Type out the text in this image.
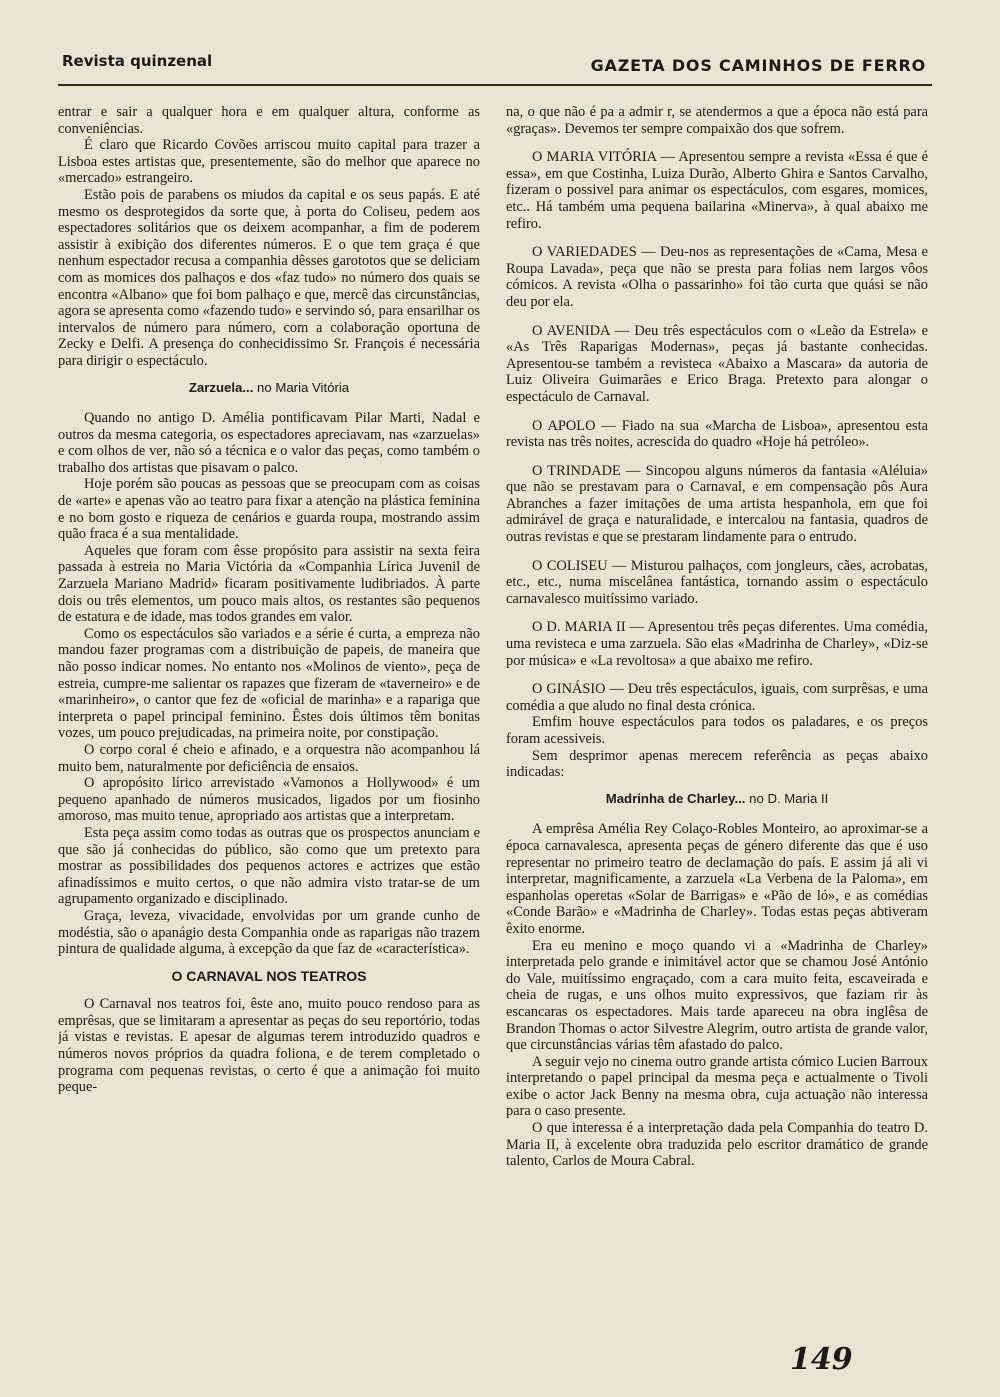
Revista quinzenal	GAZETA DOS CAMINHOS DE FERRO

entrar e sair a qualquer hora e em qualquer altura, conforme as conveniências.

É claro que Ricardo Covões arriscou muito capital para trazer a Lisboa estes artistas que, presentemente, são do melhor que aparece no «mercado» estrangeiro.

Estão pois de parabens os miudos da capital e os seus papás. E até mesmo os desprotegidos da sorte que, à porta do Coliseu, pedem aos espectadores solitários que os deixem acompanhar, a fim de poderem assistir à exibição dos diferentes números. E o que tem graça é que nenhum espectador recusa a companhia dêsses garototos que se deliciam com as momices dos palhaços e dos «faz tudo» no número dos quais se encontra «Albano» que foi bom palhaço e que, mercê das circunstâncias, agora se apresenta como «fazendo tudo» e servindo só, para ensarilhar os intervalos de número para número, com a colaboração oportuna de Zecky e Delfi. A presença do conhecidissimo Sr. François é necessária para dirigir o espectáculo.

Zarzuela... no Maria Vitória

Quando no antigo D. Amélia pontificavam Pilar Marti, Nadal e outros da mesma categoria, os espectadores apreciavam, nas «zarzuelas» e com olhos de ver, não só a técnica e o valor das peças, como também o trabalho dos artistas que pisavam o palco.

Hoje porém são poucas as pessoas que se preocupam com as coisas de «arte» e apenas vão ao teatro para fixar a atenção na plástica feminina e no bom gosto e riqueza de cenários e guarda roupa, mostrando assim quão fraca é a sua mentalidade.

Aqueles que foram com êsse propósito para assistir na sexta feira passada à estreia no Maria Victória da «Companhia Lírica Juvenil de Zarzuela Mariano Madrid» ficaram positivamente ludibriados. À parte dois ou três elementos, um pouco mais altos, os restantes são pequenos de estatura e de idade, mas todos grandes em valor.

Como os espectáculos são variados e a série é curta, a empreza não mandou fazer programas com a distribuição de papeis, de maneira que não posso indicar nomes. No entanto nos «Molinos de viento», peça de estreia, cumpre-me salientar os rapazes que fizeram de «taverneiro» e de «marinheiro», o cantor que fez de «oficial de marinha» e a rapariga que interpreta o papel principal feminino. Êstes dois últimos têm bonitas vozes, um pouco prejudicadas, na primeira noite, por constipação.

O corpo coral é cheio e afinado, e a orquestra não acompanhou lá muito bem, naturalmente por deficiência de ensaios.

O apropósito lírico arrevistado «Vamonos a Hollywood» é um pequeno apanhado de números musicados, ligados por um fiosinho amoroso, mas muito tenue, apropriado aos artistas que a interpretam.

Esta peça assim como todas as outras que os prospectos anunciam e que são já conhecidas do público, são como que um pretexto para mostrar as possibilidades dos pequenos actores e actrizes que estão afinadíssimos e muito certos, o que não admira visto tratar-se de um agrupamento organizado e disciplinado.

Graça, leveza, vivacidade, envolvidas por um grande cunho de modéstia, são o apanágio desta Companhia onde as raparigas não trazem pintura de qualidade alguma, à excepção da que faz de «característica».

O CARNAVAL NOS TEATROS

O Carnaval nos teatros foi, êste ano, muito pouco rendoso para as emprêsas, que se limitaram a apresentar as peças do seu reportório, todas já vistas e revistas. E apesar de algumas terem introduzido quadros e números novos próprios da quadra foliona, e de terem completado o programa com pequenas revistas, o certo é que a animação foi muito peque-

na, o que não é pa a admir r, se atendermos a que a época não está para «graças». Devemos ter sempre compaixão dos que sofrem.

O MARIA VITÓRIA — Apresentou sempre a revista «Essa é que é essa», em que Costinha, Luiza Durão, Alberto Ghira e Santos Carvalho, fizeram o possivel para animar os espectáculos, com esgares, momices, etc.. Há também uma pequena bailarina «Minerva», à qual abaixo me refiro.

O VARIEDADES — Deu-nos as representações de «Cama, Mesa e Roupa Lavada», peça que não se presta para folias nem largos vôos cómicos. A revista «Olha o passarinho» foi tão curta que quási se não deu por ela.

O AVENIDA — Deu três espectáculos com o «Leão da Estrela» e «As Três Raparigas Modernas», peças já bastante conhecidas. Apresentou-se também a revisteca «Abaixo a Mascara» da autoria de Luiz Oliveira Guimarães e Erico Braga. Pretexto para alongar o espectáculo de Carnaval.

O APOLO — Fiado na sua «Marcha de Lisboa», apresentou esta revista nas três noites, acrescida do quadro «Hoje há petróleo».

O TRINDADE — Sincopou alguns números da fantasia «Aléluia» que não se prestavam para o Carnaval, e em compensação pôs Aura Abranches a fazer imitações de uma artista hespanhola, em que foi admirável de graça e naturalidade, e intercalou na fantasia, quadros de outras revistas e que se prestaram lindamente para o entrudo.

O COLISEU — Misturou palhaços, com jongleurs, cães, acrobatas, etc., etc., numa miscelânea fantástica, tornando assim o espectáculo carnavalesco muitíssimo variado.

O D. MARIA II — Apresentou três peças diferentes. Uma comédia, uma revisteca e uma zarzuela. São elas «Madrinha de Charley», «Diz-se por música» e «La revoltosa» a que abaixo me refiro.

O GINÁSIO — Deu três espectáculos, iguais, com surprêsas, e uma comédia a que aludo no final desta crónica.

Emfim houve espectáculos para todos os paladares, e os preços foram acessiveis.

Sem desprimor apenas merecem referência as peças abaixo indicadas:

Madrinha de Charley... no D. Maria II

A emprêsa Amélia Rey Colaço-Robles Monteiro, ao aproximar-se a época carnavalesca, apresenta peças de género diferente das que é uso representar no primeiro teatro de declamação do país. E assim já ali vi interpretar, magnificamente, a zarzuela «La Verbena de la Paloma», em espanholas operetas «Solar de Barrigas» e «Pão de ló», e as comédias «Conde Barão» e «Madrinha de Charley». Todas estas peças abtiveram êxito enorme.

Era eu menino e moço quando vi a «Madrinha de Charley» interpretada pelo grande e inimitável actor que se chamou José António do Vale, muitíssimo engraçado, com a cara muito feita, escaveirada e cheia de rugas, e uns olhos muito expressivos, que faziam rir às escancaras os espectadores. Mais tarde apareceu na obra inglêsa de Brandon Thomas o actor Silvestre Alegrim, outro artista de grande valor, que circunstâncias várias têm afastado do palco.

A seguir vejo no cinema outro grande artista cómico Lucien Barroux interpretando o papel principal da mesma peça e actualmente o Tivoli exibe o actor Jack Benny na mesma obra, cuja actuação não interessa para o caso presente.

O que interessa é a interpretação dada pela Companhia do teatro D. Maria II, à excelente obra traduzida pelo escritor dramático de grande talento, Carlos de Moura Cabral.

149
